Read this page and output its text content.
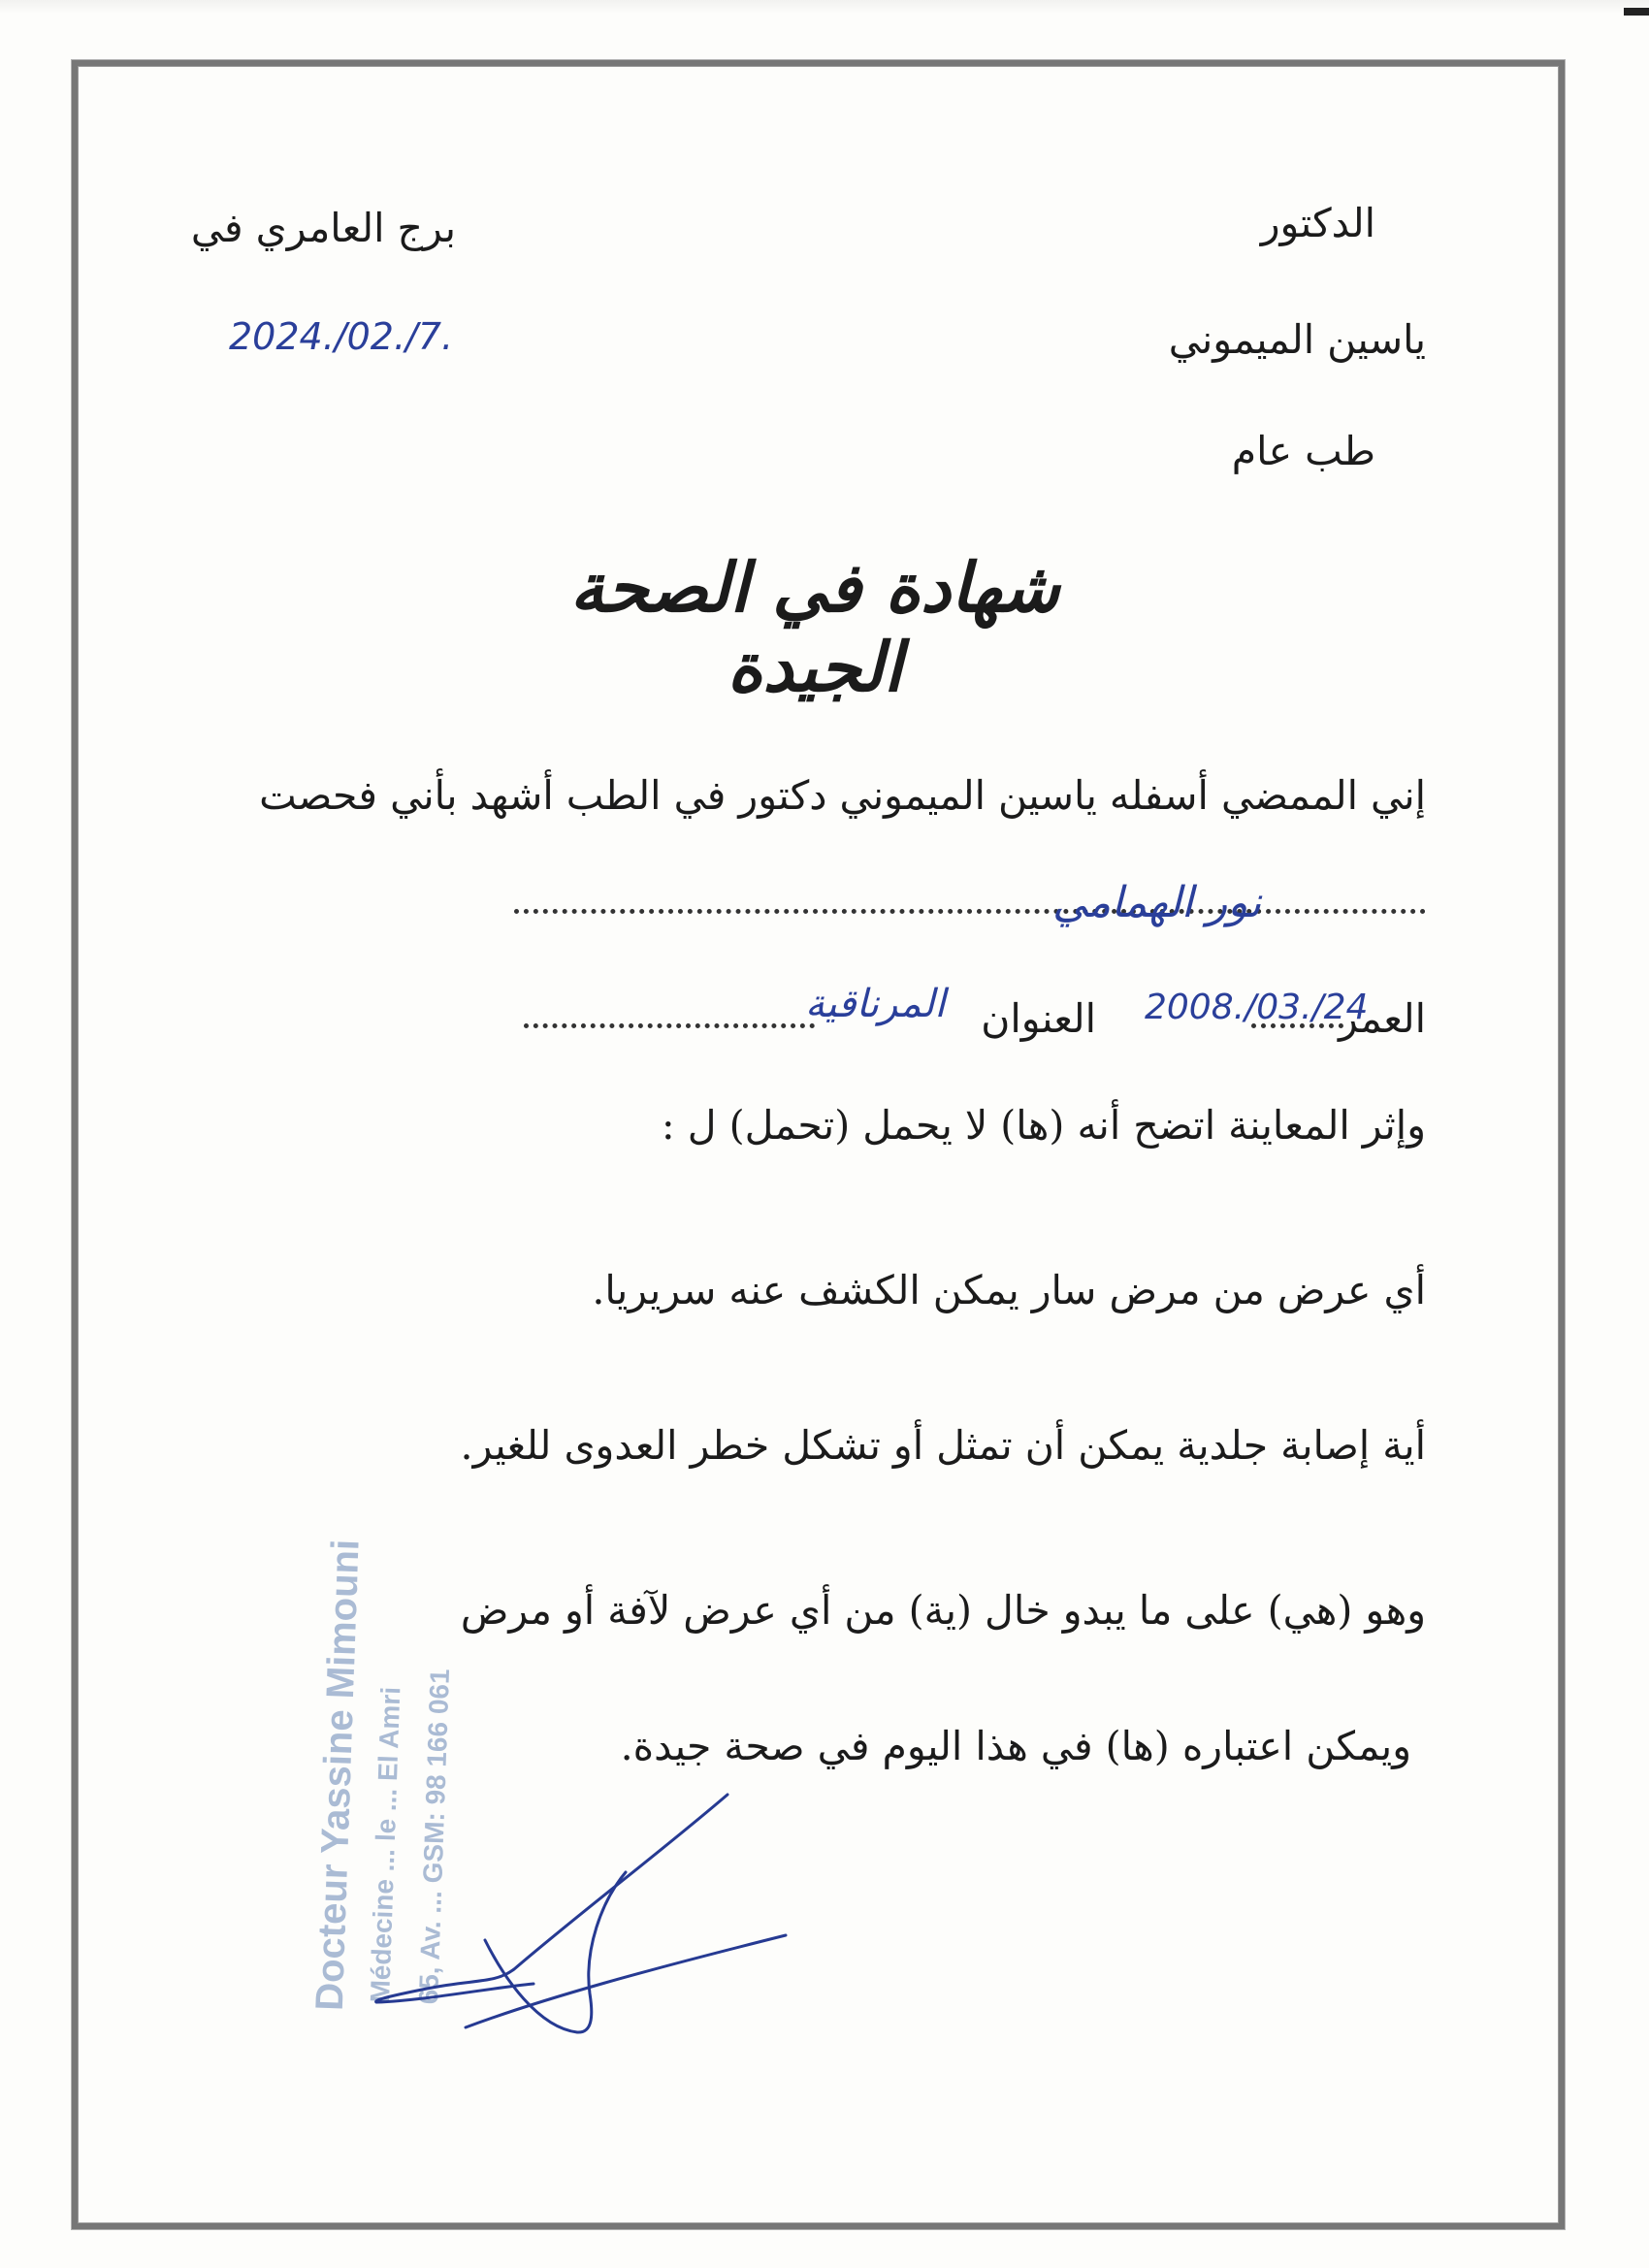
الدكتور
ياسين الميموني
طب عام
برج العامري في
2024./02./7.
شهادة في الصحة الجيدة
إني الممضي أسفله ياسين الميموني دكتور في الطب أشهد بأني فحصت
نور الهمامي
العمر
2008./03./24
العنوان
المرناقية
وإثر المعاينة اتضح أنه (ها) لا يحمل (تحمل) ل :
أي عرض من مرض سار يمكن الكشف عنه سريريا.
أية إصابة جلدية يمكن أن تمثل أو تشكل خطر العدوى للغير.
وهو (هي) على ما يبدو خال (ية) من أي عرض لآفة أو مرض
ويمكن اعتباره (ها) في هذا اليوم في صحة جيدة.
Docteur Yassine Mimouni
Médecine ... le ... El Amri 65, Av. ... GSM: 98 166 061
